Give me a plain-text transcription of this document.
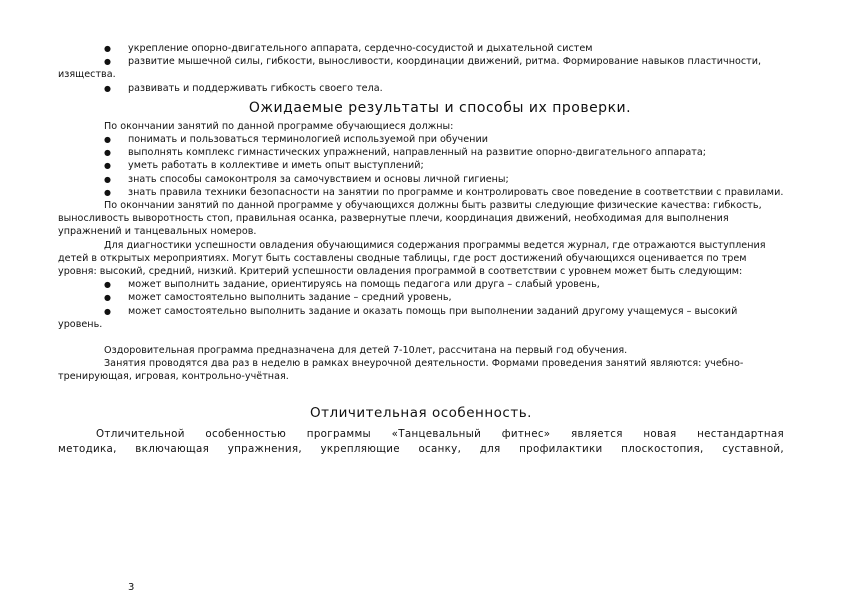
● укрепление опорно-двигательного аппарата, сердечно-сосудистой и дыхательной систем
● развитие мышечной силы, гибкости, выносливости, координации движений, ритма. Формирование навыков пластичности, изящества.
● развивать и поддерживать гибкость своего тела.
Ожидаемые результаты и способы их проверки.
По окончании занятий по данной программе обучающиеся должны:
● понимать и пользоваться терминологией используемой при обучении
● выполнять комплекс гимнастических упражнений, направленный на развитие опорно-двигательного аппарата;
● уметь работать в коллективе и иметь опыт выступлений;
● знать способы самоконтроля за самочувствием и основы личной гигиены;
● знать правила техники безопасности на занятии по программе и контролировать свое поведение в соответствии с правилами.
По окончании занятий по данной программе у обучающихся должны быть развиты следующие физические качества: гибкость, выносливость выворотность стоп, правильная осанка, развернутые плечи, координация движений, необходимая для выполнения упражнений и танцевальных номеров.
Для диагностики успешности овладения обучающимися содержания программы ведется журнал, где отражаются выступления детей в открытых мероприятиях. Могут быть составлены сводные таблицы, где рост достижений обучающихся оценивается по трем уровня: высокий, средний, низкий. Критерий успешности овладения программой в соответствии с уровнем может быть следующим:
● может выполнить задание, ориентируясь на помощь педагога или друга – слабый уровень,
● может самостоятельно выполнить задание – средний уровень,
● может самостоятельно выполнить задание и оказать помощь при выполнении заданий другому учащемуся – высокий уровень.
Оздоровительная программа предназначена для детей 7-10лет, рассчитана на первый год обучения.
Занятия проводятся два раз в неделю в рамках внеурочной деятельности. Формами проведения занятий являются: учебно-тренирующая, игровая, контрольно-учётная.
Отличительная особенность.
Отличительной особенностью программы «Танцевальный фитнес» является новая нестандартная
методика, включающая упражнения, укрепляющие осанку, для профилактики плоскостопия, суставной,
3
